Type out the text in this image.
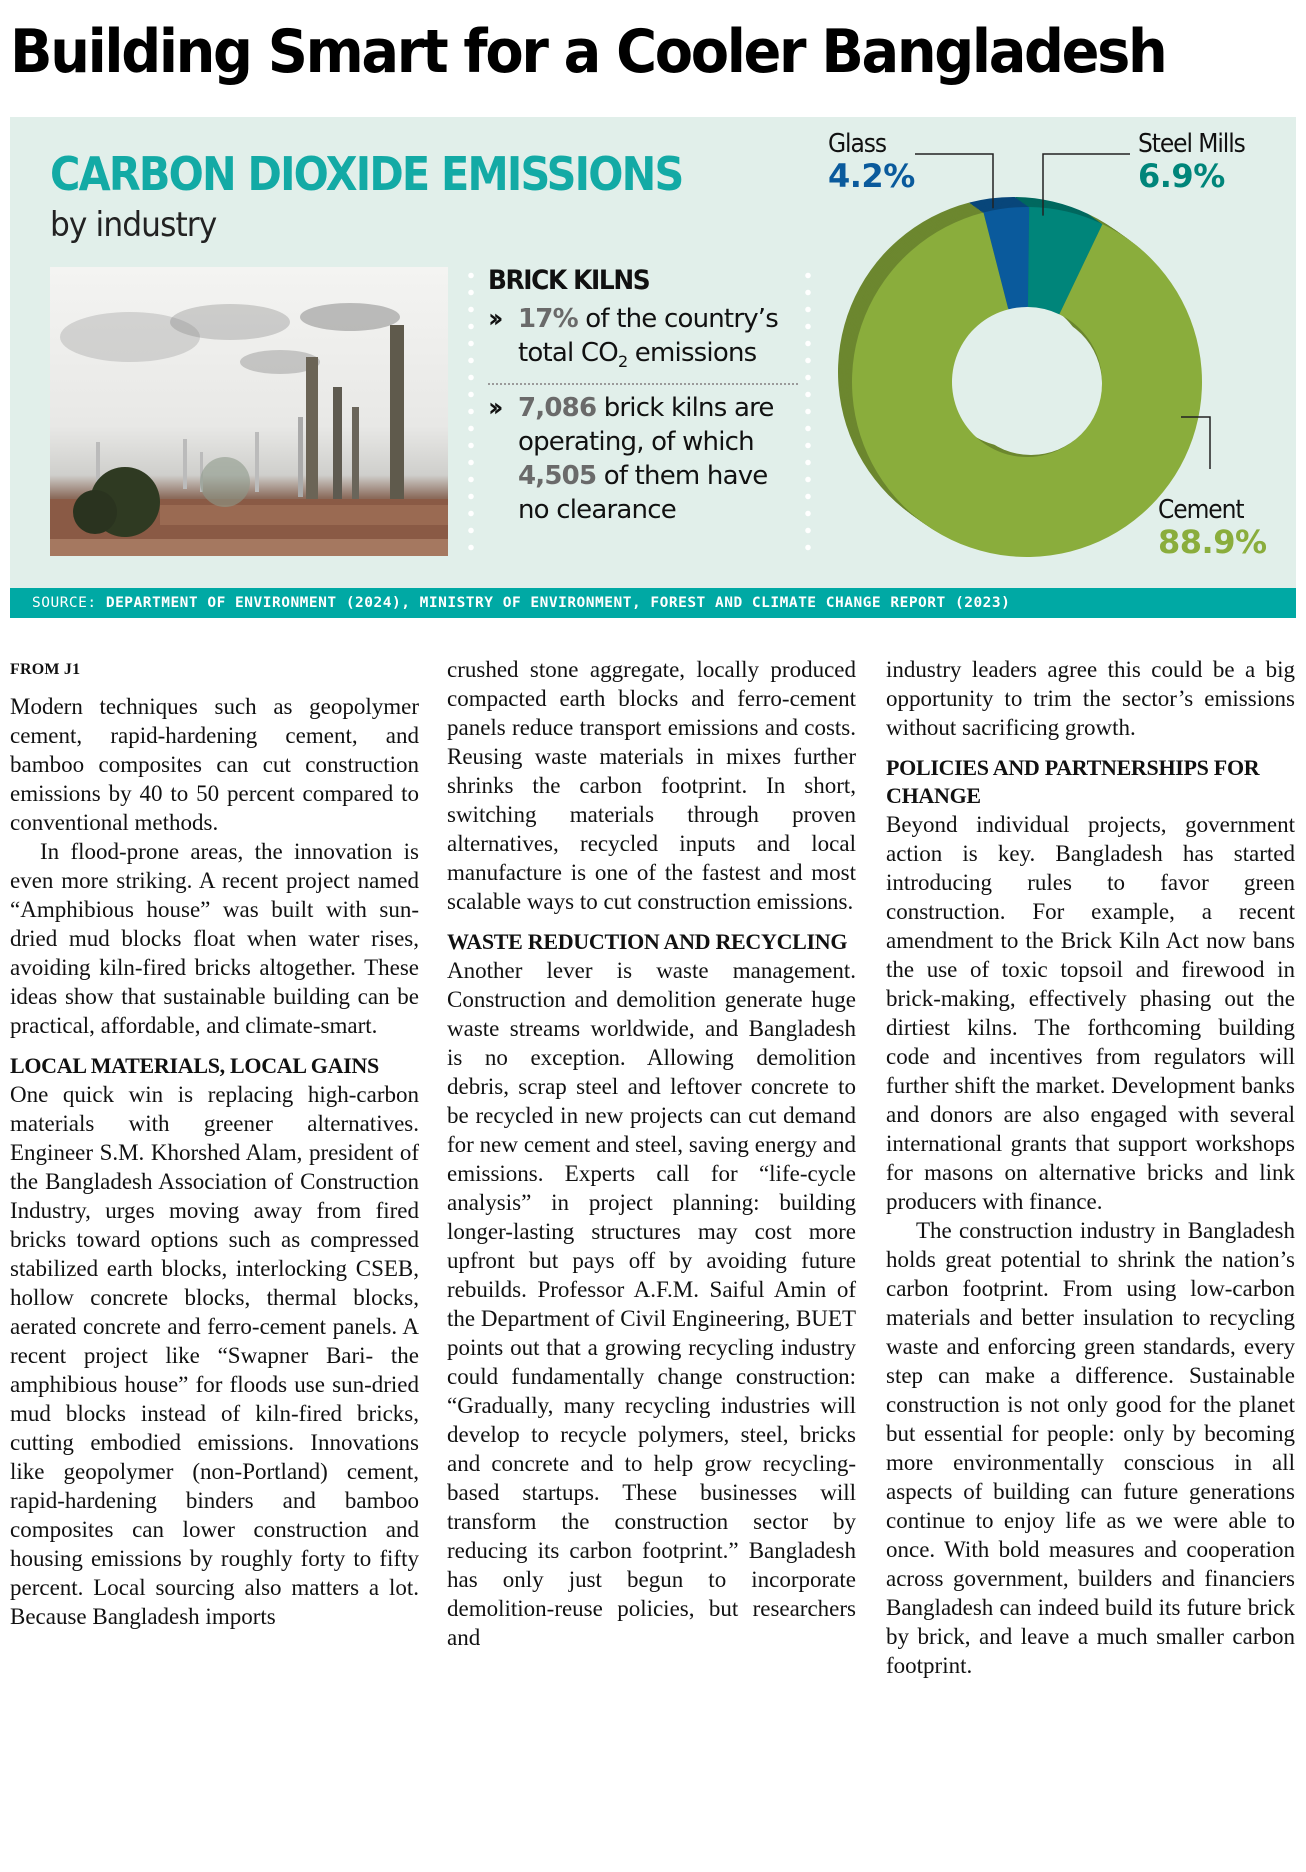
Building Smart for a Cooler Bangladesh
CARBON DIOXIDE EMISSIONS
by industry
BRICK KILNS
›› 17% of the country’s total $CO_2$ emissions
›› 7,086 brick kilns are operating, of which 4,505 of them have no clearance
Glass
4.2%
Steel Mills
6.9%
Cement
88.9%
SOURCE: DEPARTMENT OF ENVIRONMENT (2024), MINISTRY OF ENVIRONMENT, FOREST AND CLIMATE CHANGE REPORT (2023)
FROM J1

Modern techniques such as geopolymer cement, rapid-hardening cement, and bamboo composites can cut construction emissions by 40 to 50 percent compared to conventional methods.

In flood-prone areas, the innovation is even more striking. A recent project named “Amphibious house” was built with sun-dried mud blocks float when water rises, avoiding kiln-fired bricks altogether. These ideas show that sustainable building can be practical, affordable, and climate-smart.

LOCAL MATERIALS, LOCAL GAINS

One quick win is replacing high-carbon materials with greener alternatives. Engineer S.M. Khorshed Alam, president of the Bangladesh Association of Construction Industry, urges moving away from fired bricks toward options such as compressed stabilized earth blocks, interlocking CSEB, hollow concrete blocks, thermal blocks, aerated concrete and ferro-cement panels. A recent project like “Swapner Bari- the amphibious house” for floods use sun-dried mud blocks instead of kiln-fired bricks, cutting embodied emissions. Innovations like geopolymer (non-Portland) cement, rapid-hardening binders and bamboo composites can lower construction and housing emissions by roughly forty to fifty percent. Local sourcing also matters a lot. Because Bangladesh imports

crushed stone aggregate, locally produced compacted earth blocks and ferro-cement panels reduce transport emissions and costs. Reusing waste materials in mixes further shrinks the carbon footprint. In short, switching materials through proven alternatives, recycled inputs and local manufacture is one of the fastest and most scalable ways to cut construction emissions.

WASTE REDUCTION AND RECYCLING

Another lever is waste management. Construction and demolition generate huge waste streams worldwide, and Bangladesh is no exception. Allowing demolition debris, scrap steel and leftover concrete to be recycled in new projects can cut demand for new cement and steel, saving energy and emissions. Experts call for “life-cycle analysis” in project planning: building longer-lasting structures may cost more upfront but pays off by avoiding future rebuilds. Professor A.F.M. Saiful Amin of the Department of Civil Engineering, BUET points out that a growing recycling industry could fundamentally change construction: “Gradually, many recycling industries will develop to recycle polymers, steel, bricks and concrete and to help grow recycling-based startups. These businesses will transform the construction sector by reducing its carbon footprint.” Bangladesh has only just begun to incorporate demolition-reuse policies, but researchers and

industry leaders agree this could be a big opportunity to trim the sector’s emissions without sacrificing growth.

POLICIES AND PARTNERSHIPS FOR CHANGE

Beyond individual projects, government action is key. Bangladesh has started introducing rules to favor green construction. For example, a recent amendment to the Brick Kiln Act now bans the use of toxic topsoil and firewood in brick-making, effectively phasing out the dirtiest kilns. The forthcoming building code and incentives from regulators will further shift the market. Development banks and donors are also engaged with several international grants that support workshops for masons on alternative bricks and link producers with finance.

The construction industry in Bangladesh holds great potential to shrink the nation’s carbon footprint. From using low-carbon materials and better insulation to recycling waste and enforcing green standards, every step can make a difference. Sustainable construction is not only good for the planet but essential for people: only by becoming more environmentally conscious in all aspects of building can future generations continue to enjoy life as we were able to once. With bold measures and cooperation across government, builders and financiers Bangladesh can indeed build its future brick by brick, and leave a much smaller carbon footprint.
